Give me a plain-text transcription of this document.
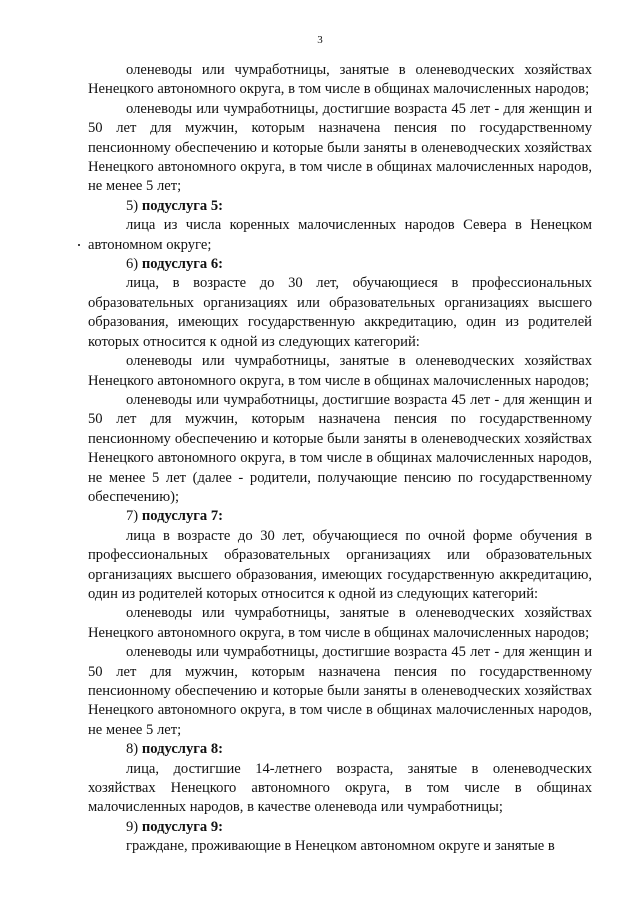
3

оленеводы или чумработницы, занятые в оленеводческих хозяйствах Ненецкого автономного округа, в том числе в общинах малочисленных народов;

оленеводы или чумработницы, достигшие возраста 45 лет - для женщин и 50 лет для мужчин, которым назначена пенсия по государственному пенсионному обеспечению и которые были заняты в оленеводческих хозяйствах Ненецкого автономного округа, в том числе в общинах малочисленных народов, не менее 5 лет;

5) подуслуга 5:

лица из числа коренных малочисленных народов Севера в Ненецком автономном округе;

6) подуслуга 6:

лица, в возрасте до 30 лет, обучающиеся в профессиональных образовательных организациях или образовательных организациях высшего образования, имеющих государственную аккредитацию, один из родителей которых относится к одной из следующих категорий:

оленеводы или чумработницы, занятые в оленеводческих хозяйствах Ненецкого автономного округа, в том числе в общинах малочисленных народов;

оленеводы или чумработницы, достигшие возраста 45 лет - для женщин и 50 лет для мужчин, которым назначена пенсия по государственному пенсионному обеспечению и которые были заняты в оленеводческих хозяйствах Ненецкого автономного округа, в том числе в общинах малочисленных народов, не менее 5 лет (далее - родители, получающие пенсию по государственному обеспечению);

7) подуслуга 7:

лица в возрасте до 30 лет, обучающиеся по очной форме обучения в профессиональных образовательных организациях или образовательных организациях высшего образования, имеющих государственную аккредитацию, один из родителей которых относится к одной из следующих категорий:

оленеводы или чумработницы, занятые в оленеводческих хозяйствах Ненецкого автономного округа, в том числе в общинах малочисленных народов;

оленеводы или чумработницы, достигшие возраста 45 лет - для женщин и 50 лет для мужчин, которым назначена пенсия по государственному пенсионному обеспечению и которые были заняты в оленеводческих хозяйствах Ненецкого автономного округа, в том числе в общинах малочисленных народов, не менее 5 лет;

8) подуслуга 8:

лица, достигшие 14-летнего возраста, занятые в оленеводческих хозяйствах Ненецкого автономного округа, в том числе в общинах малочисленных народов, в качестве оленевода или чумработницы;

9) подуслуга 9:

граждане, проживающие в Ненецком автономном округе и занятые в
